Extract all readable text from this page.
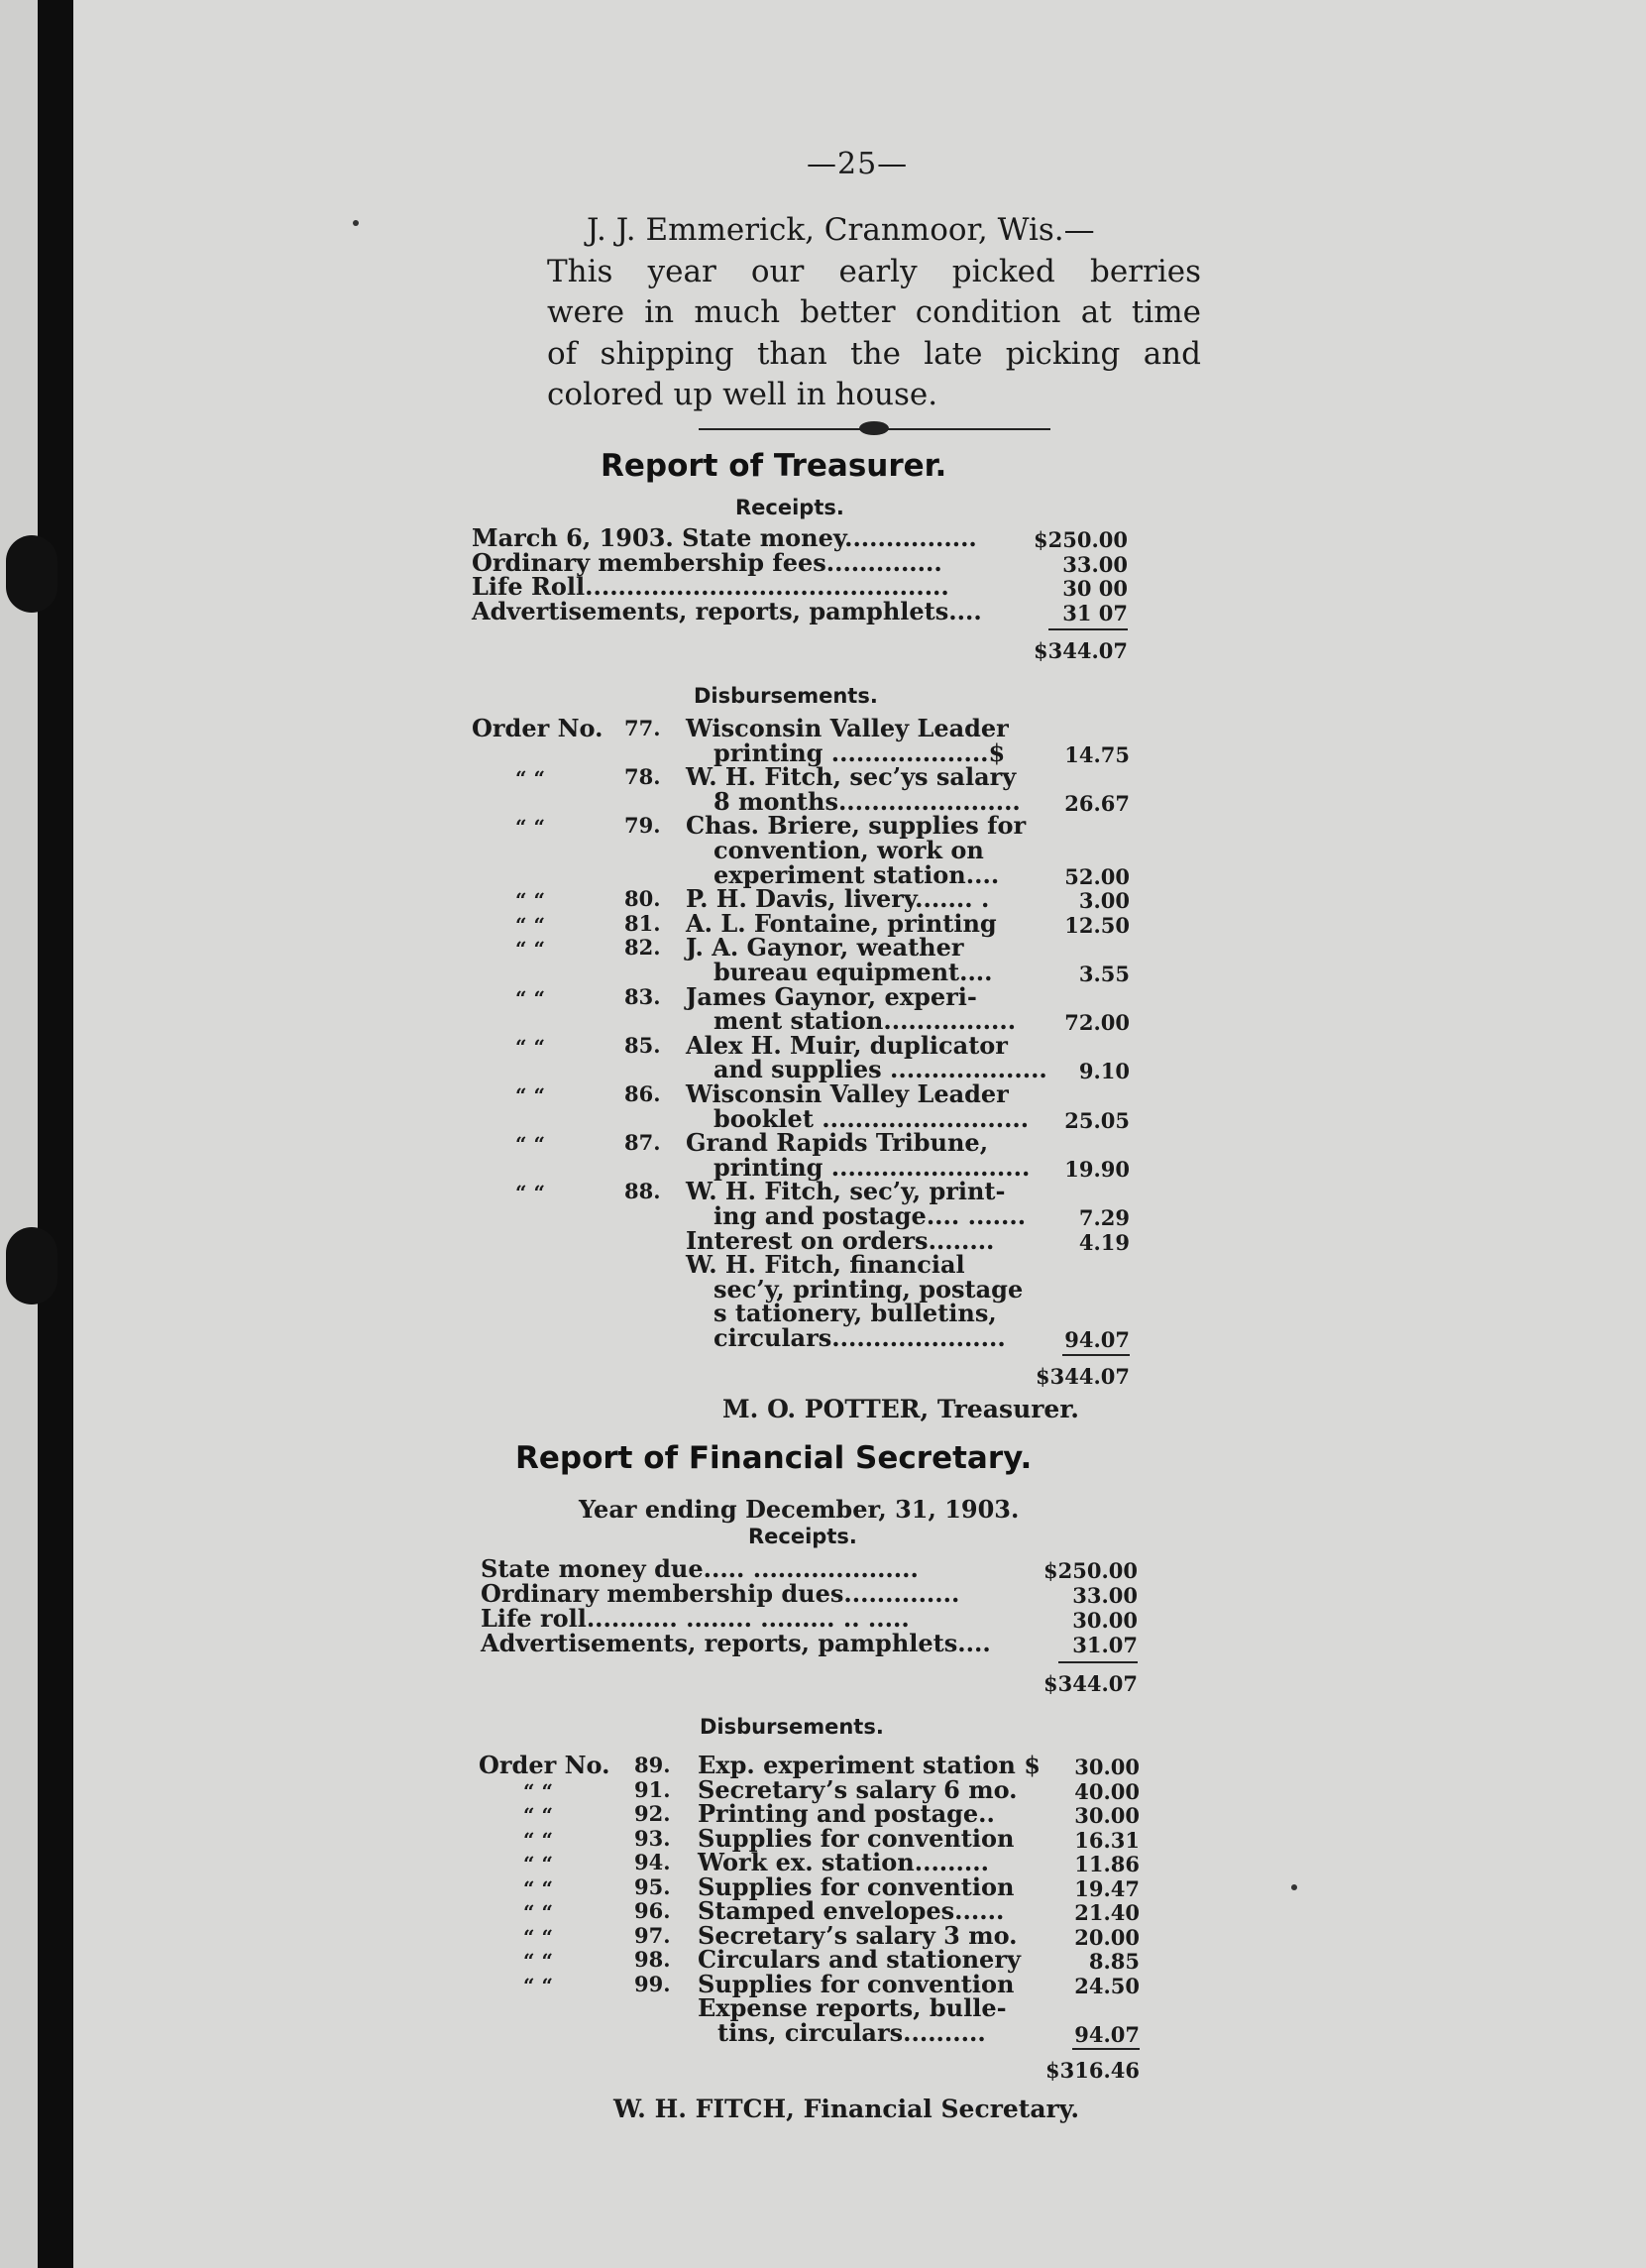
—25—

J. J. Emmerick, Cranmoor, Wis.—

This year our early picked berries

were in much better condition at time

of shipping than the late picking and

colored up well in house.

Report of Treasurer.
Receipts.
March 6, 1903. State money................	$250.00
Ordinary membership fees..............	33.00
Life Roll............................................	30 00
Advertisements, reports, pamphlets....	31 07
$344.07
Disbursements.
Order No. 77. Wisconsin Valley Leader
printing ...................$	14.75
“ “	78. W. H. Fitch, sec’ys salary
8 months...................... 26.67
“ “	79. Chas. Briere, supplies for
convention, work on
experiment station....	52.00
“ “	80. P. H. Davis, livery....... .	3.00
“ “	81. A. L. Fontaine, printing	12.50
“ “	82. J. A. Gaynor, weather
bureau equipment....	3.55
“ “	83. James Gaynor, experi-
ment station................ 72.00
“ “	85. Alex H. Muir, duplicator
and supplies ................... 9.10
“ “	86. Wisconsin Valley Leader
booklet ......................... 25.05
“ “	87. Grand Rapids Tribune,
printing ........................ 19.90
“ “	88. W. H. Fitch, sec’y, print-
ing and postage.... .......	7.29
Interest on orders........	4.19
W. H. Fitch, financial
sec’y, printing, postage
s tationery, bulletins,
circulars.....................	94.07
$344.07
M. O. POTTER, Treasurer.
Report of Financial Secretary.
Year ending December, 31, 1903.
Receipts.
State money due..... ....................	$250.00
Ordinary membership dues..............	33.00
Life roll........... ........ ......... .. .....	30.00
Advertisements, reports, pamphlets....	31.07
$344.07
Disbursements.
Order No. 89. Exp. experiment station $ 30.00
“ “	91. Secretary’s salary 6 mo.	40.00
“ “	92. Printing and postage..	30.00
“ “	93. Supplies for convention	16.31
“ “	94. Work ex. station.........	11.86
“ “	95. Supplies for convention	19.47
“ “	96. Stamped envelopes......	21.40
“ “	97. Secretary’s salary 3 mo.	20.00
“ “	98. Circulars and stationery	8.85
“ “	99. Supplies for convention	24.50
Expense reports, bulle-
tins, circulars..........	94.07
$316.46
W. H. FITCH, Financial Secretary.
